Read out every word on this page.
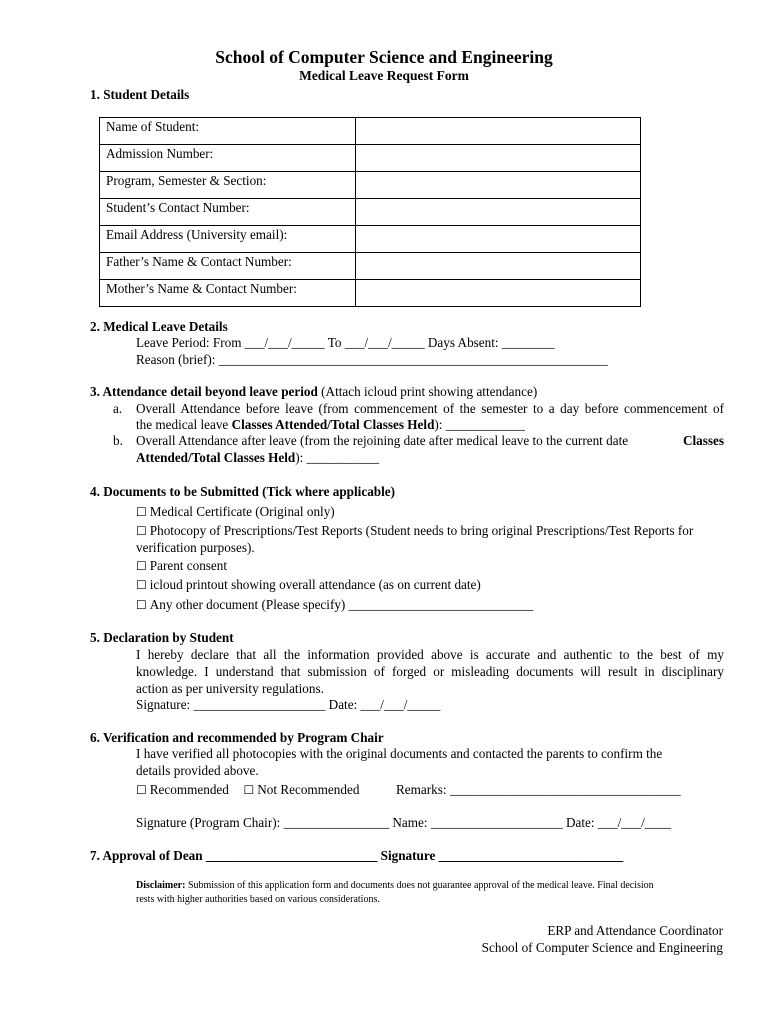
School of Computer Science and Engineering
Medical Leave Request Form
1. Student Details
Name of Student:	
Admission Number:	
Program, Semester & Section:	
Student’s Contact Number:	
Email Address (University email):	
Father’s Name & Contact Number:	
Mother’s Name & Contact Number:	
2. Medical Leave Details
Leave Period: From ___/___/_____ To ___/___/_____ Days Absent: ________
Reason (brief): ___________________________________________________________
3. Attendance detail beyond leave period (Attach icloud print showing attendance)
a. Overall Attendance before leave (from commencement of the semester to a day before commencement of
the medical leave Classes Attended/Total Classes Held): ____________
b. Overall Attendance after leave (from the rejoining date after medical leave to the current date	Classes
Attended/Total Classes Held): ___________
4. Documents to be Submitted (Tick where applicable)
☐ Medical Certificate (Original only)
☐ Photocopy of Prescriptions/Test Reports (Student needs to bring original Prescriptions/Test Reports for
verification purposes).
☐ Parent consent
☐ icloud printout showing overall attendance (as on current date)
☐ Any other document (Please specify) ____________________________
5. Declaration by Student
I hereby declare that all the information provided above is accurate and authentic to the best of my
knowledge. I understand that submission of forged or misleading documents will result in disciplinary
action as per university regulations.
Signature: ____________________ Date: ___/___/_____
6. Verification and recommended by Program Chair
I have verified all photocopies with the original documents and contacted the parents to confirm the
details provided above.
☐ Recommended ☐ Not Recommended	Remarks: ___________________________________
Signature (Program Chair): ________________ Name: ____________________ Date: ___/___/____
7. Approval of Dean __________________________ Signature ____________________________
Disclaimer: Submission of this application form and documents does not guarantee approval of the medical leave. Final decision
rests with higher authorities based on various considerations.
ERP and Attendance Coordinator
School of Computer Science and Engineering
